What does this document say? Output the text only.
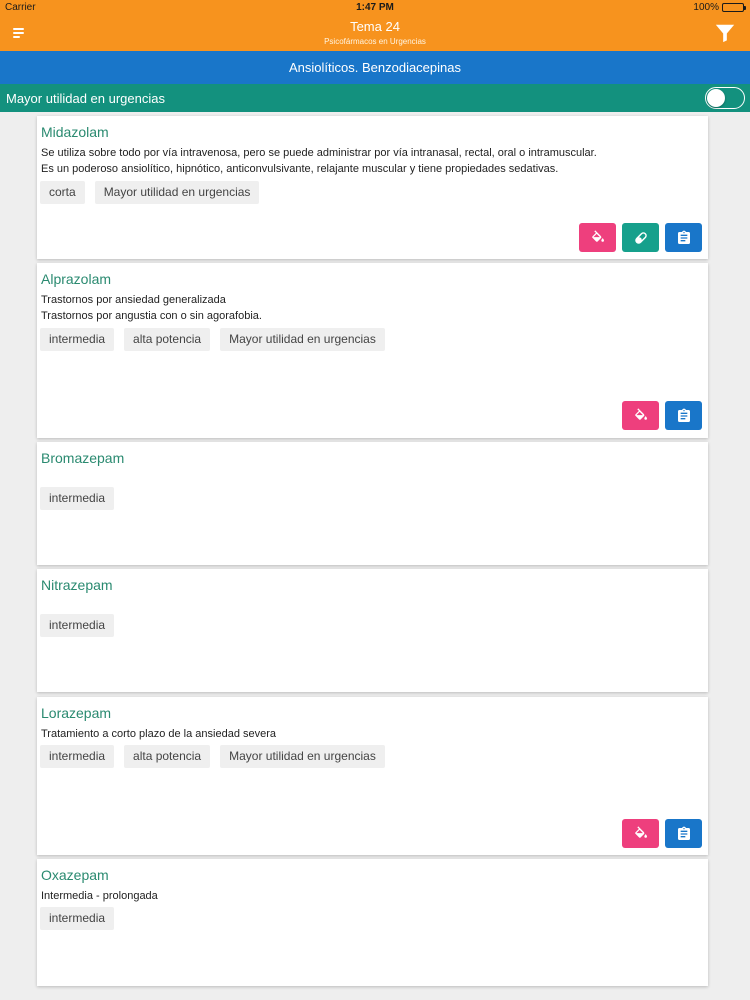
Carrier	1:47 PM	100%
Tema 24
Psicofármacos en Urgencias
Ansiolíticos. Benzodiacepinas
Mayor utilidad en urgencias
Midazolam
Se utiliza sobre todo por vía intravenosa, pero se puede administrar por vía intranasal, rectal, oral o intramuscular.
Es un poderoso ansiolítico, hipnótico, anticonvulsivante, relajante muscular y tiene propiedades sedativas.
corta	Mayor utilidad en urgencias
Alprazolam
Trastornos por ansiedad generalizada
Trastornos por angustia con o sin agorafobia.
intermedia	alta potencia	Mayor utilidad en urgencias
Bromazepam
intermedia
Nitrazepam
intermedia
Lorazepam
Tratamiento a corto plazo de la ansiedad severa
intermedia	alta potencia	Mayor utilidad en urgencias
Oxazepam
Intermedia - prolongada
intermedia
